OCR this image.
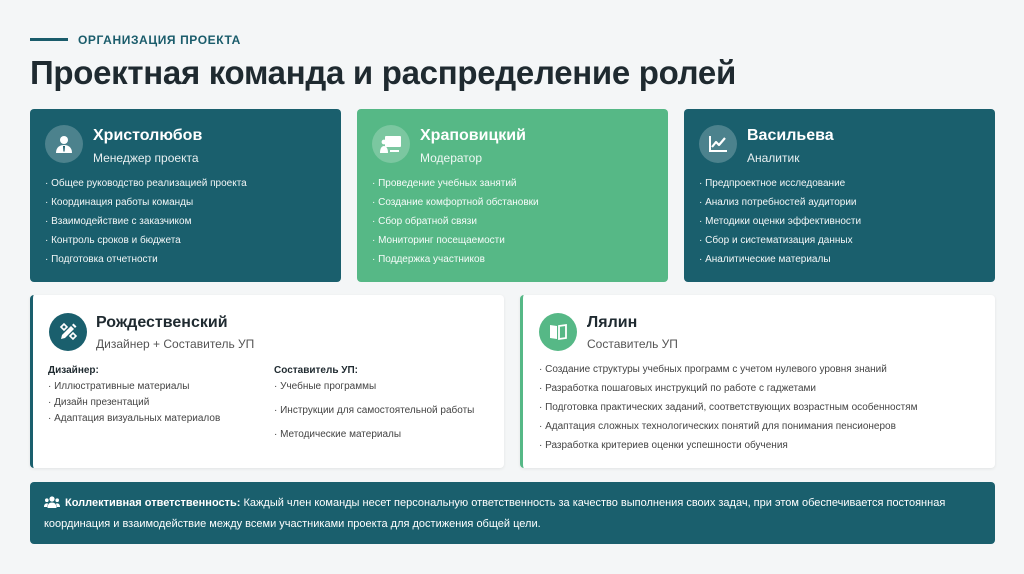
ОРГАНИЗАЦИЯ ПРОЕКТА
Проектная команда и распределение ролей
Христолюбов
Менеджер проекта
· Общее руководство реализацией проекта
· Координация работы команды
· Взаимодействие с заказчиком
· Контроль сроков и бюджета
· Подготовка отчетности
Храповицкий
Модератор
· Проведение учебных занятий
· Создание комфортной обстановки
· Сбор обратной связи
· Мониторинг посещаемости
· Поддержка участников
Васильева
Аналитик
· Предпроектное исследование
· Анализ потребностей аудитории
· Методики оценки эффективности
· Сбор и систематизация данных
· Аналитические материалы
Рождественский
Дизайнер + Составитель УП
Дизайнер:
· Иллюстративные материалы
· Дизайн презентаций
· Адаптация визуальных материалов
Составитель УП:
· Учебные программы
· Инструкции для самостоятельной работы
· Методические материалы
Лялин
Составитель УП
· Создание структуры учебных программ с учетом нулевого уровня знаний
· Разработка пошаговых инструкций по работе с гаджетами
· Подготовка практических заданий, соответствующих возрастным особенностям
· Адаптация сложных технологических понятий для понимания пенсионеров
· Разработка критериев оценки успешности обучения
Коллективная ответственность: Каждый член команды несет персональную ответственность за качество выполнения своих задач, при этом обеспечивается постоянная координация и взаимодействие между всеми участниками проекта для достижения общей цели.
